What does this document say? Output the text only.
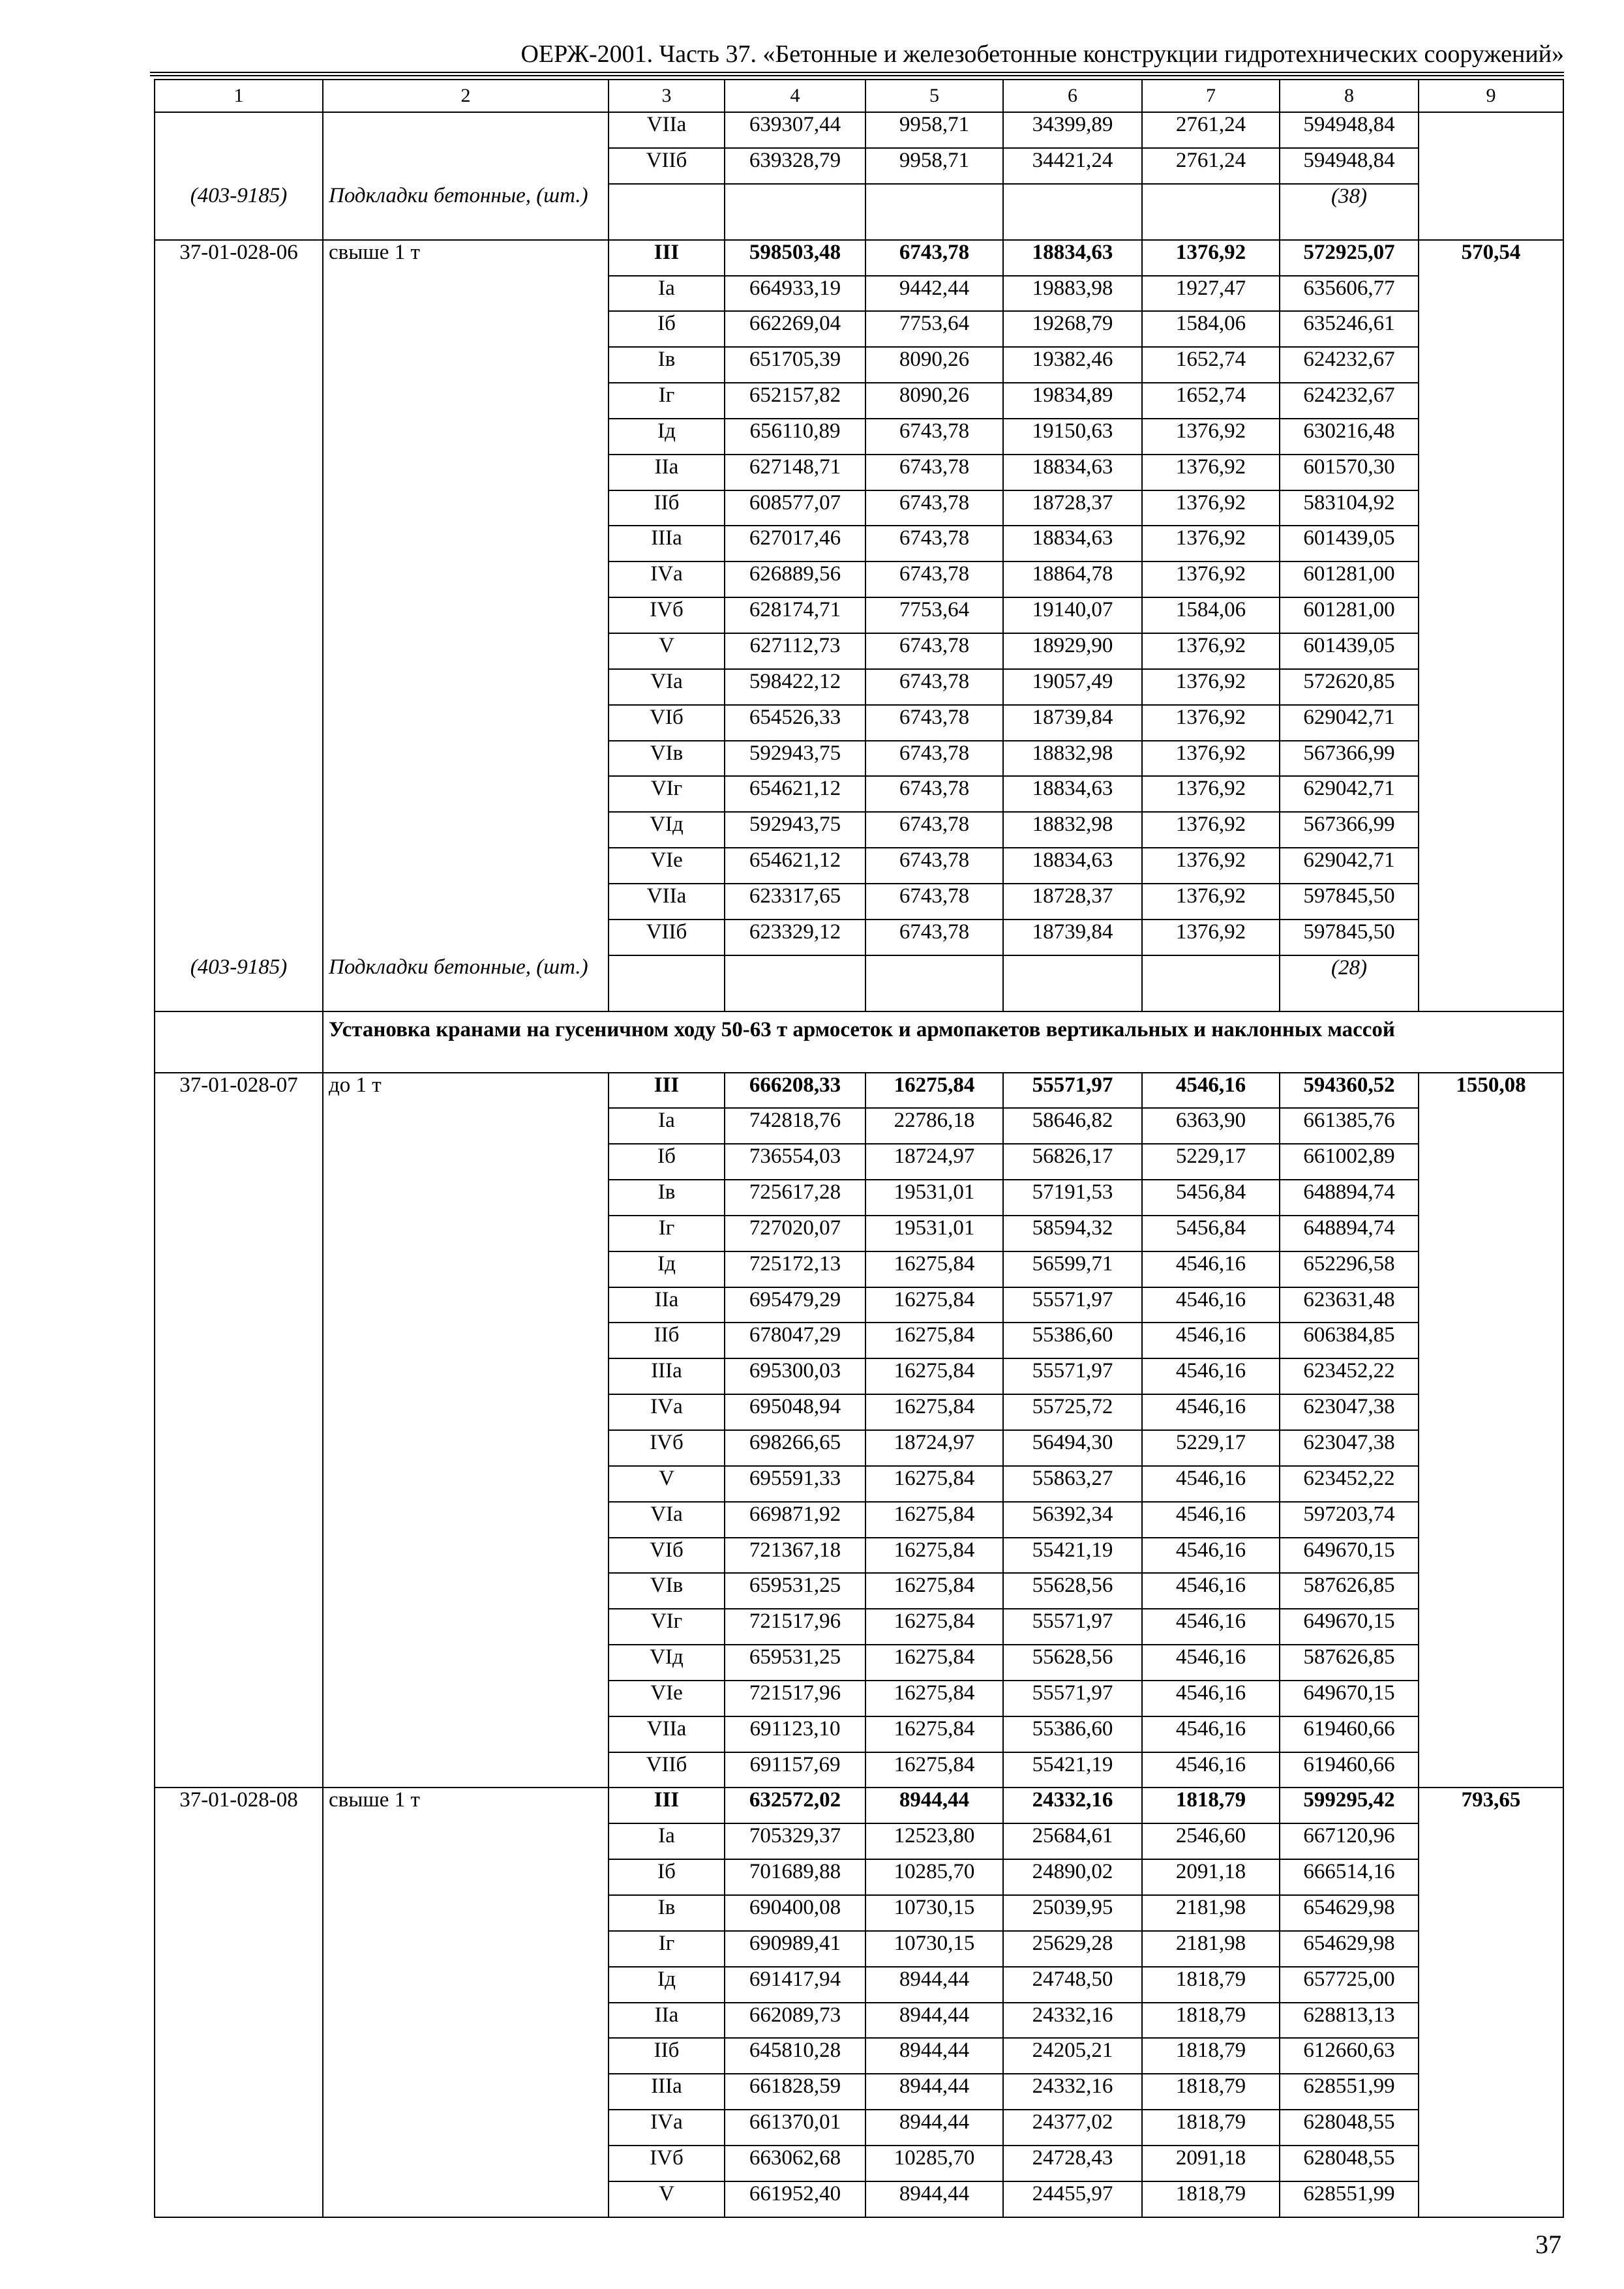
ОЕРЖ-2001. Часть 37. «Бетонные и железобетонные конструкции гидротехнических сооружений»
1	2	3	4	5	6	7	8	9
		VIIа	639307,44	9958,71	34399,89	2761,24	594948,84	
		VIIб	639328,79	9958,71	34421,24	2761,24	594948,84	
(403-9185)	Подкладки бетонные, (шт.)						(38)	
37-01-028-06	свыше 1 т	III	598503,48	6743,78	18834,63	1376,92	572925,07	570,54
		Iа	664933,19	9442,44	19883,98	1927,47	635606,77	
		Iб	662269,04	7753,64	19268,79	1584,06	635246,61	
		Iв	651705,39	8090,26	19382,46	1652,74	624232,67	
		Iг	652157,82	8090,26	19834,89	1652,74	624232,67	
		Iд	656110,89	6743,78	19150,63	1376,92	630216,48	
		IIа	627148,71	6743,78	18834,63	1376,92	601570,30	
		IIб	608577,07	6743,78	18728,37	1376,92	583104,92	
		IIIа	627017,46	6743,78	18834,63	1376,92	601439,05	
		IVа	626889,56	6743,78	18864,78	1376,92	601281,00	
		IVб	628174,71	7753,64	19140,07	1584,06	601281,00	
		V	627112,73	6743,78	18929,90	1376,92	601439,05	
		VIа	598422,12	6743,78	19057,49	1376,92	572620,85	
		VIб	654526,33	6743,78	18739,84	1376,92	629042,71	
		VIв	592943,75	6743,78	18832,98	1376,92	567366,99	
		VIг	654621,12	6743,78	18834,63	1376,92	629042,71	
		VIд	592943,75	6743,78	18832,98	1376,92	567366,99	
		VIе	654621,12	6743,78	18834,63	1376,92	629042,71	
		VIIа	623317,65	6743,78	18728,37	1376,92	597845,50	
		VIIб	623329,12	6743,78	18739,84	1376,92	597845,50	
(403-9185)	Подкладки бетонные, (шт.)						(28)	
	Установка кранами на гусеничном ходу 50-63 т армосеток и армопакетов вертикальных и наклонных массой							
37-01-028-07	до 1 т	III	666208,33	16275,84	55571,97	4546,16	594360,52	1550,08
		Iа	742818,76	22786,18	58646,82	6363,90	661385,76	
		Iб	736554,03	18724,97	56826,17	5229,17	661002,89	
		Iв	725617,28	19531,01	57191,53	5456,84	648894,74	
		Iг	727020,07	19531,01	58594,32	5456,84	648894,74	
		Iд	725172,13	16275,84	56599,71	4546,16	652296,58	
		IIа	695479,29	16275,84	55571,97	4546,16	623631,48	
		IIб	678047,29	16275,84	55386,60	4546,16	606384,85	
		IIIа	695300,03	16275,84	55571,97	4546,16	623452,22	
		IVа	695048,94	16275,84	55725,72	4546,16	623047,38	
		IVб	698266,65	18724,97	56494,30	5229,17	623047,38	
		V	695591,33	16275,84	55863,27	4546,16	623452,22	
		VIа	669871,92	16275,84	56392,34	4546,16	597203,74	
		VIб	721367,18	16275,84	55421,19	4546,16	649670,15	
		VIв	659531,25	16275,84	55628,56	4546,16	587626,85	
		VIг	721517,96	16275,84	55571,97	4546,16	649670,15	
		VIд	659531,25	16275,84	55628,56	4546,16	587626,85	
		VIе	721517,96	16275,84	55571,97	4546,16	649670,15	
		VIIа	691123,10	16275,84	55386,60	4546,16	619460,66	
		VIIб	691157,69	16275,84	55421,19	4546,16	619460,66	
37-01-028-08	свыше 1 т	III	632572,02	8944,44	24332,16	1818,79	599295,42	793,65
		Iа	705329,37	12523,80	25684,61	2546,60	667120,96	
		Iб	701689,88	10285,70	24890,02	2091,18	666514,16	
		Iв	690400,08	10730,15	25039,95	2181,98	654629,98	
		Iг	690989,41	10730,15	25629,28	2181,98	654629,98	
		Iд	691417,94	8944,44	24748,50	1818,79	657725,00	
		IIа	662089,73	8944,44	24332,16	1818,79	628813,13	
		IIб	645810,28	8944,44	24205,21	1818,79	612660,63	
		IIIа	661828,59	8944,44	24332,16	1818,79	628551,99	
		IVа	661370,01	8944,44	24377,02	1818,79	628048,55	
		IVб	663062,68	10285,70	24728,43	2091,18	628048,55	
		V	661952,40	8944,44	24455,97	1818,79	628551,99	
37
